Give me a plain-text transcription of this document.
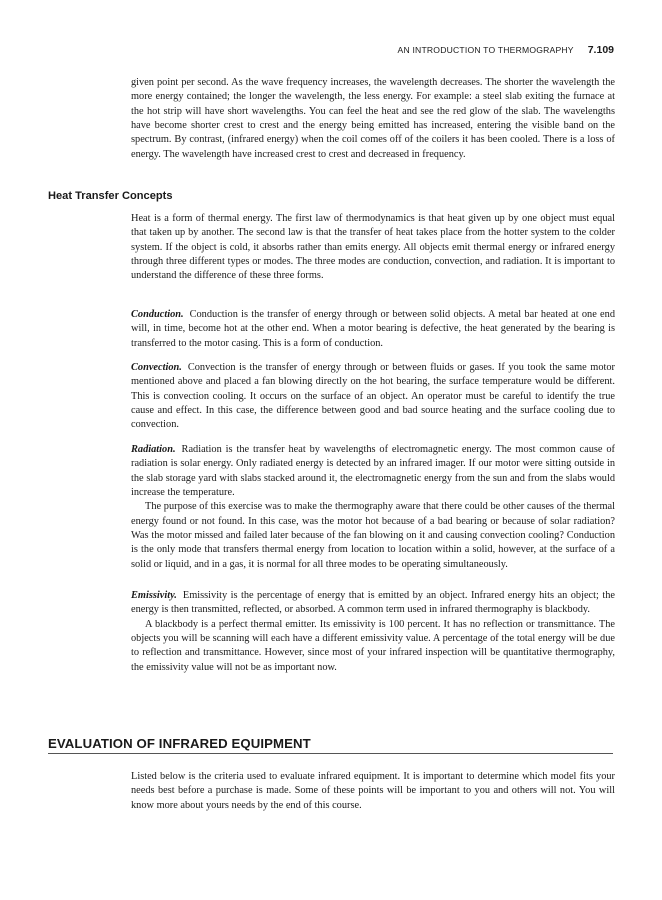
AN INTRODUCTION TO THERMOGRAPHY 7.109

given point per second. As the wave frequency increases, the wavelength decreases. The shorter the wavelength the more energy contained; the longer the wavelength, the less energy. For example: a steel slab exiting the furnace at the hot strip will have short wavelengths. You can feel the heat and see the red glow of the slab. The wavelengths have become shorter crest to crest and the energy being emitted has increased, entering the visible band on the spectrum. By contrast, (infrared energy) when the coil comes off of the coilers it has been cooled. There is a loss of energy. The wavelength have increased crest to crest and decreased in frequency.

Heat Transfer Concepts

Heat is a form of thermal energy. The first law of thermodynamics is that heat given up by one object must equal that taken up by another. The second law is that the transfer of heat takes place from the hotter system to the colder system. If the object is cold, it absorbs rather than emits energy. All objects emit thermal energy or infrared energy through three different types or modes. The three modes are conduction, convection, and radiation. It is important to understand the difference of these three forms.

Conduction. Conduction is the transfer of energy through or between solid objects. A metal bar heated at one end will, in time, become hot at the other end. When a motor bearing is defective, the heat generated by the bearing is transferred to the motor casing. This is a form of conduction.

Convection. Convection is the transfer of energy through or between fluids or gases. If you took the same motor mentioned above and placed a fan blowing directly on the hot bearing, the surface temperature would be different. This is convection cooling. It occurs on the surface of an object. An operator must be careful to identify the true cause and effect. In this case, the difference between good and bad source heating and the surface cooling due to convection.

Radiation. Radiation is the transfer heat by wavelengths of electromagnetic energy. The most common cause of radiation is solar energy. Only radiated energy is detected by an infrared imager. If our motor were sitting outside in the slab storage yard with slabs stacked around it, the electromagnetic energy from the sun and from the slabs would increase the temperature.

The purpose of this exercise was to make the thermography aware that there could be other causes of the thermal energy found or not found. In this case, was the motor hot because of a bad bearing or because of solar radiation? Was the motor missed and failed later because of the fan blowing on it and causing convection cooling? Conduction is the only mode that transfers thermal energy from location to location within a solid, however, at the surface of a solid or liquid, and in a gas, it is normal for all three modes to be operating simultaneously.

Emissivity. Emissivity is the percentage of energy that is emitted by an object. Infrared energy hits an object; the energy is then transmitted, reflected, or absorbed. A common term used in infrared thermography is blackbody.

A blackbody is a perfect thermal emitter. Its emissivity is 100 percent. It has no reflection or transmittance. The objects you will be scanning will each have a different emissivity value. A percentage of the total energy will be due to reflection and transmittance. However, since most of your infrared inspection will be quantitative thermography, the emissivity value will not be as important now.

EVALUATION OF INFRARED EQUIPMENT

Listed below is the criteria used to evaluate infrared equipment. It is important to determine which model fits your needs best before a purchase is made. Some of these points will be important to you and others will not. You will know more about yours needs by the end of this course.
